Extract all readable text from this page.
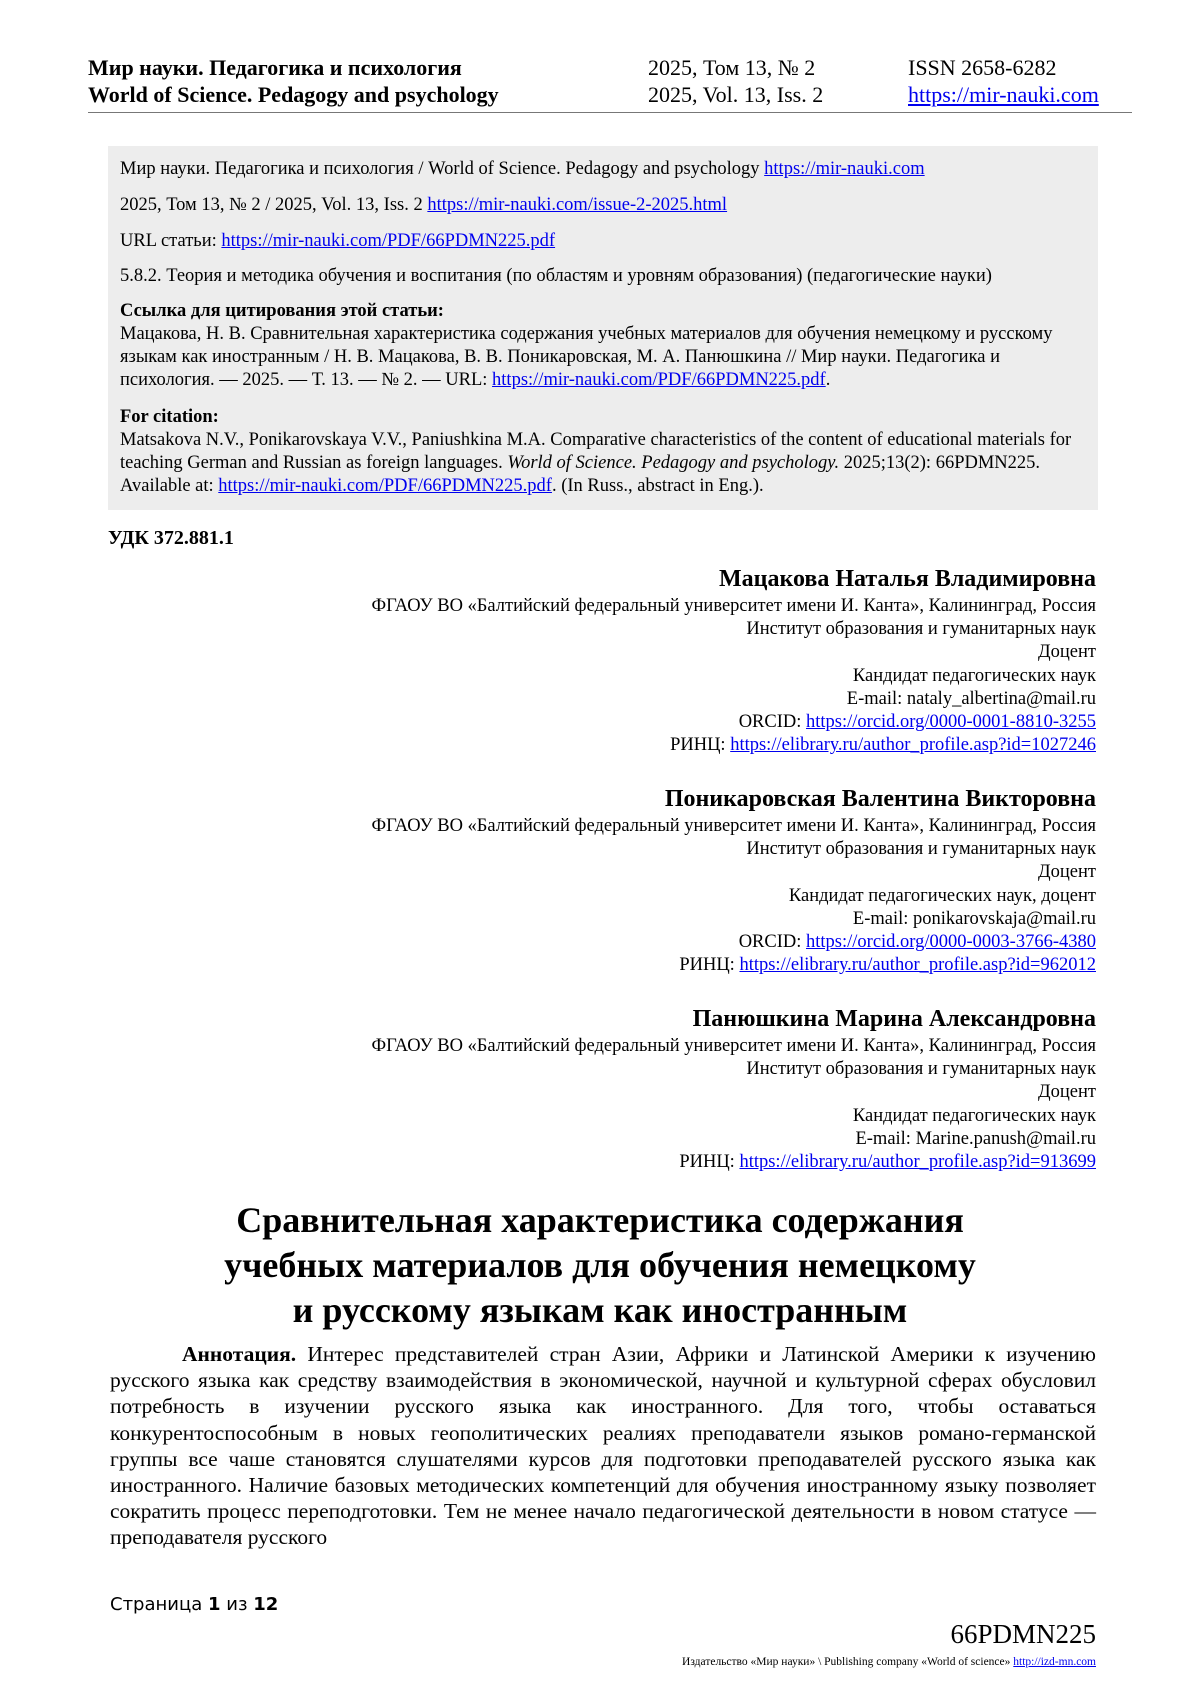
Мир науки. Педагогика и психология
World of Science. Pedagogy and psychology
2025, Том 13, № 2
2025, Vol. 13, Iss. 2
ISSN 2658-6282
https://mir-nauki.com

Мир науки. Педагогика и психология / World of Science. Pedagogy and psychology https://mir-nauki.com

2025, Том 13, № 2 / 2025, Vol. 13, Iss. 2 https://mir-nauki.com/issue-2-2025.html

URL статьи: https://mir-nauki.com/PDF/66PDMN225.pdf

5.8.2. Теория и методика обучения и воспитания (по областям и уровням образования) (педагогические науки)

Ссылка для цитирования этой статьи:
Мацакова, Н. В. Сравнительная характеристика содержания учебных материалов для обучения немецкому и русскому языкам как иностранным / Н. В. Мацакова, В. В. Поникаровская, М. А. Панюшкина // Мир науки. Педагогика и психология. — 2025. — Т. 13. — № 2. — URL: https://mir-nauki.com/PDF/66PDMN225.pdf.

For citation:
Matsakova N.V., Ponikarovskaya V.V., Paniushkina M.A. Comparative characteristics of the content of educational materials for teaching German and Russian as foreign languages. World of Science. Pedagogy and psychology. 2025;13(2): 66PDMN225. Available at: https://mir-nauki.com/PDF/66PDMN225.pdf. (In Russ., abstract in Eng.).

УДК 372.881.1
Мацакова Наталья Владимировна
ФГАОУ ВО «Балтийский федеральный университет имени И. Канта», Калининград, Россия
Институт образования и гуманитарных наук
Доцент
Кандидат педагогических наук
E-mail: nataly_albertina@mail.ru
ORCID: https://orcid.org/0000-0001-8810-3255
РИНЦ: https://elibrary.ru/author_profile.asp?id=1027246
Поникаровская Валентина Викторовна
ФГАОУ ВО «Балтийский федеральный университет имени И. Канта», Калининград, Россия
Институт образования и гуманитарных наук
Доцент
Кандидат педагогических наук, доцент
E-mail: ponikarovskaja@mail.ru
ORCID: https://orcid.org/0000-0003-3766-4380
РИНЦ: https://elibrary.ru/author_profile.asp?id=962012
Панюшкина Марина Александровна
ФГАОУ ВО «Балтийский федеральный университет имени И. Канта», Калининград, Россия
Институт образования и гуманитарных наук
Доцент
Кандидат педагогических наук
E-mail: Marine.panush@mail.ru
РИНЦ: https://elibrary.ru/author_profile.asp?id=913699
Сравнительная характеристика содержания
учебных материалов для обучения немецкому
и русскому языкам как иностранным

Аннотация. Интерес представителей стран Азии, Африки и Латинской Америки к изучению русского языка как средству взаимодействия в экономической, научной и культурной сферах обусловил потребность в изучении русского языка как иностранного. Для того, чтобы оставаться конкурентоспособным в новых геополитических реалиях преподаватели языков романо-германской группы все чаше становятся слушателями курсов для подготовки преподавателей русского языка как иностранного. Наличие базовых методических компетенций для обучения иностранному языку позволяет сократить процесс переподготовки. Тем не менее начало педагогической деятельности в новом статусе — преподавателя русского

Страница 1 из 12
66PDMN225
Издательство «Мир науки» \ Publishing company «World of science» http://izd-mn.com
